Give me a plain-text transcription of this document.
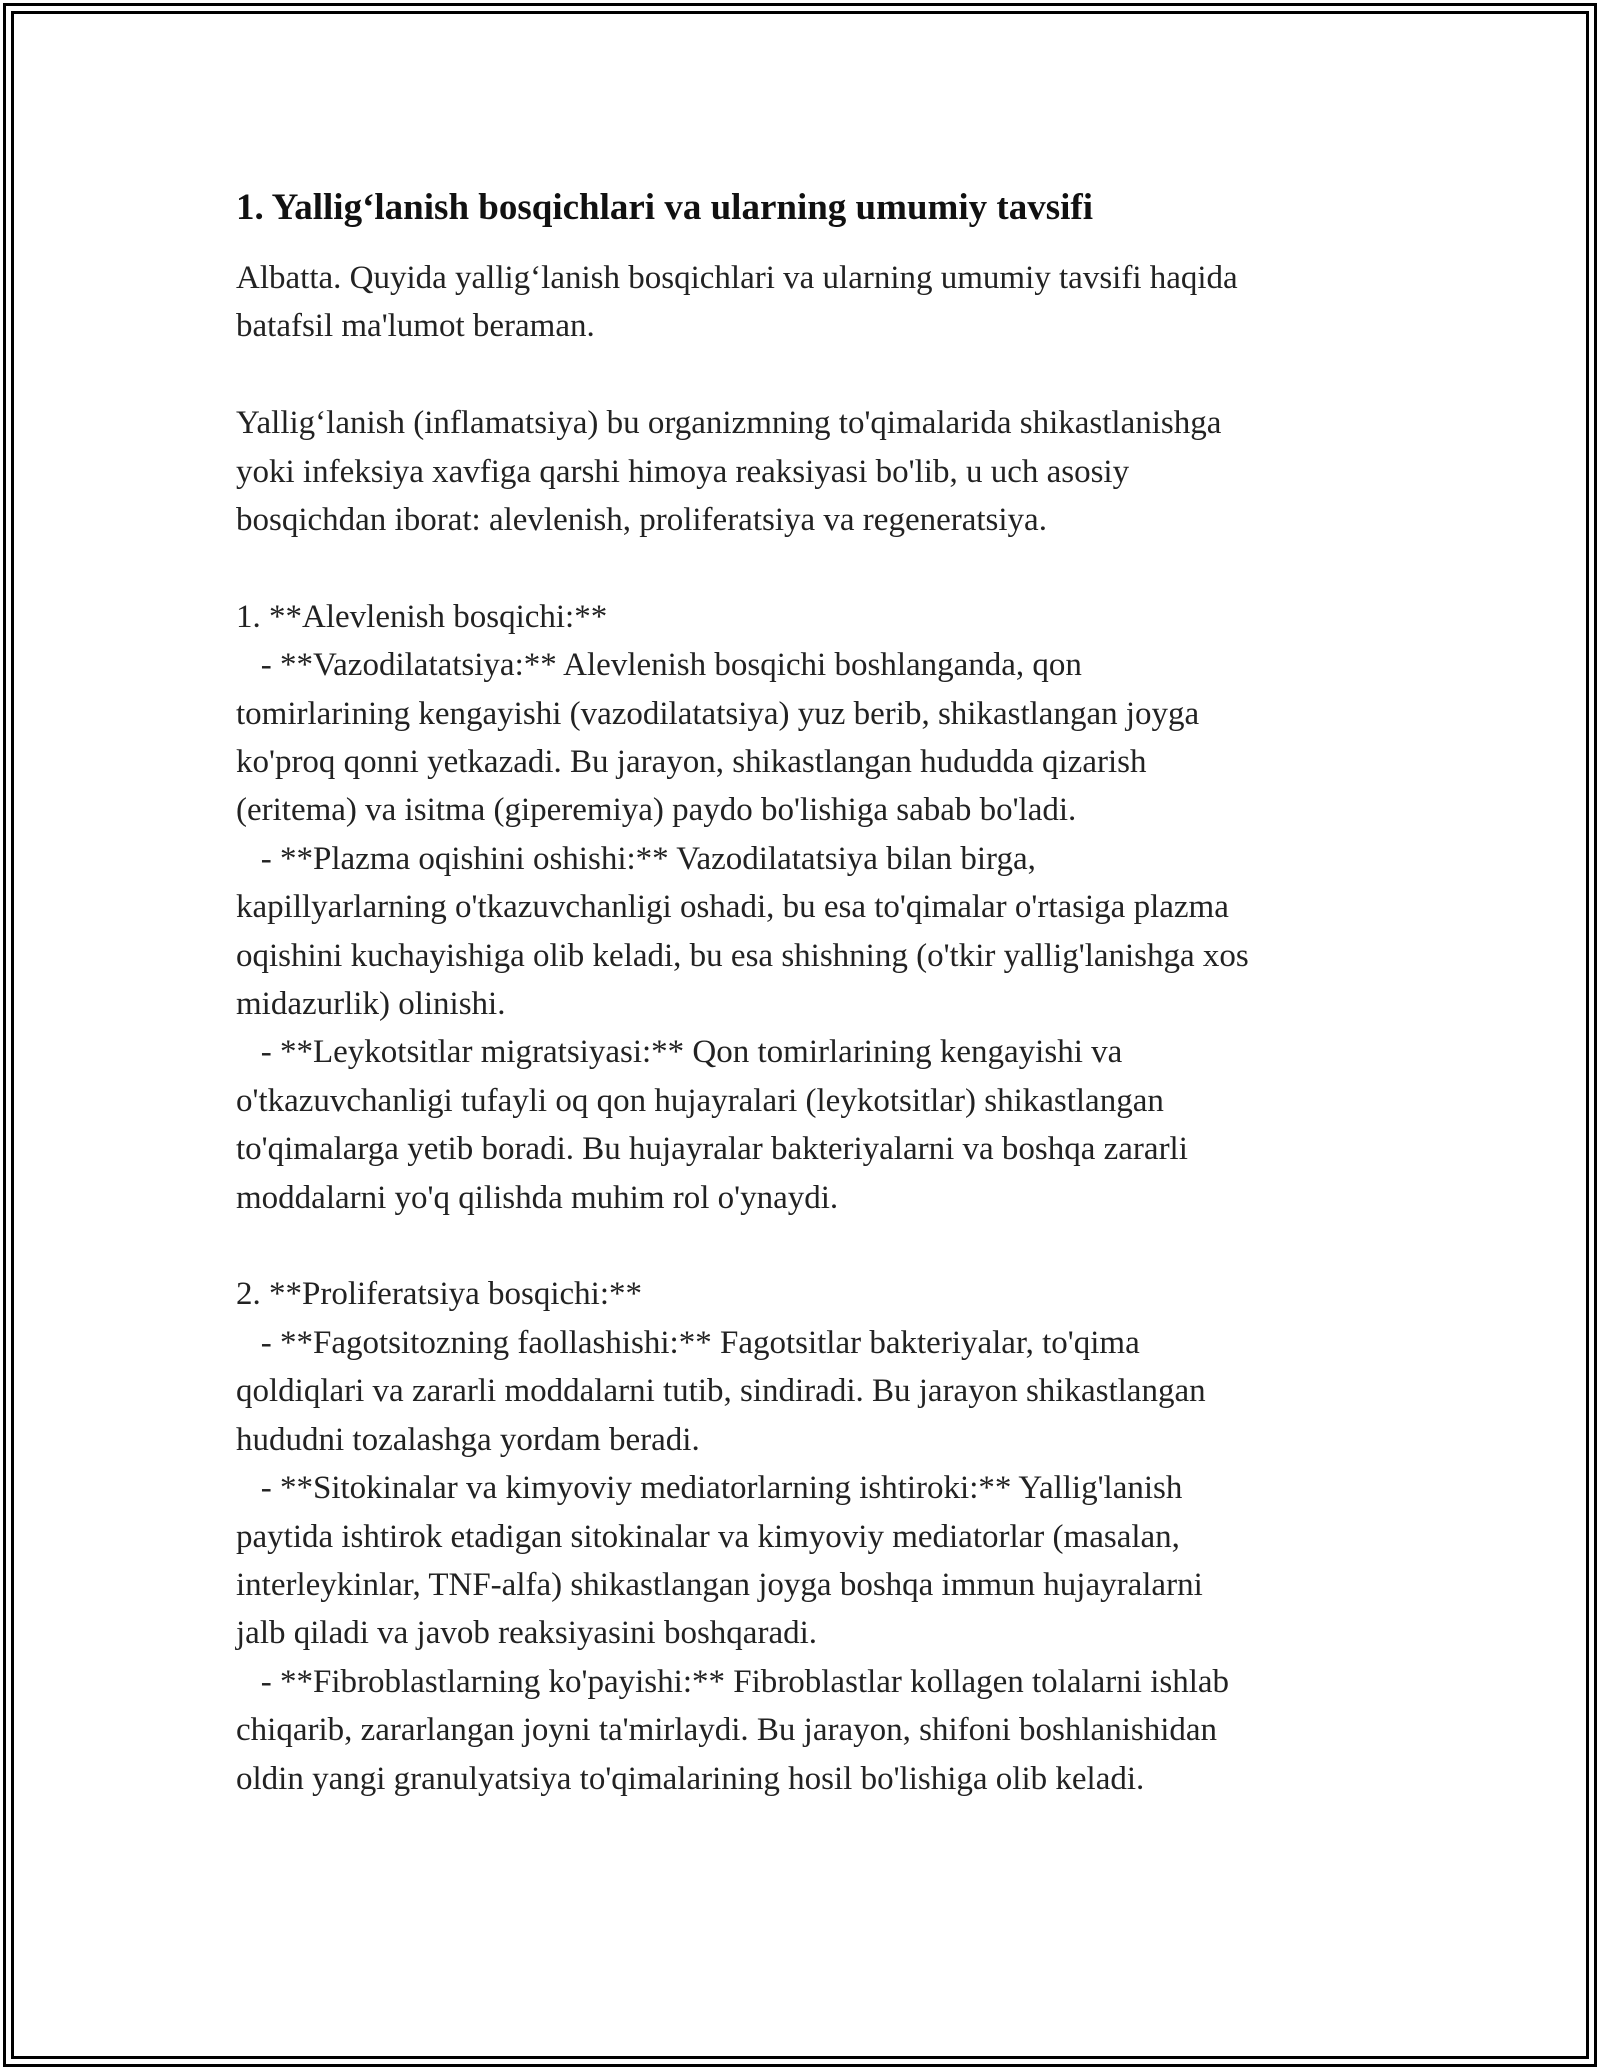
1. Yallig‘lanish bosqichlari va ularning umumiy tavsifi

Albatta. Quyida yallig‘lanish bosqichlari va ularning umumiy tavsifi haqida
batafsil ma'lumot beraman.

Yallig‘lanish (inflamatsiya) bu organizmning to'qimalarida shikastlanishga
yoki infeksiya xavfiga qarshi himoya reaksiyasi bo'lib, u uch asosiy
bosqichdan iborat: alevlenish, proliferatsiya va regeneratsiya.

1. **Alevlenish bosqichi:**
- **Vazodilatatsiya:** Alevlenish bosqichi boshlanganda, qon
tomirlarining kengayishi (vazodilatatsiya) yuz berib, shikastlangan joyga
ko'proq qonni yetkazadi. Bu jarayon, shikastlangan hududda qizarish
(eritema) va isitma (giperemiya) paydo bo'lishiga sabab bo'ladi.
- **Plazma oqishini oshishi:** Vazodilatatsiya bilan birga,
kapillyarlarning o'tkazuvchanligi oshadi, bu esa to'qimalar o'rtasiga plazma
oqishini kuchayishiga olib keladi, bu esa shishning (o'tkir yallig'lanishga xos
midazurlik) olinishi.
- **Leykotsitlar migratsiyasi:** Qon tomirlarining kengayishi va
o'tkazuvchanligi tufayli oq qon hujayralari (leykotsitlar) shikastlangan
to'qimalarga yetib boradi. Bu hujayralar bakteriyalarni va boshqa zararli
moddalarni yo'q qilishda muhim rol o'ynaydi.

2. **Proliferatsiya bosqichi:**
- **Fagotsitozning faollashishi:** Fagotsitlar bakteriyalar, to'qima
qoldiqlari va zararli moddalarni tutib, sindiradi. Bu jarayon shikastlangan
hududni tozalashga yordam beradi.
- **Sitokinalar va kimyoviy mediatorlarning ishtiroki:** Yallig'lanish
paytida ishtirok etadigan sitokinalar va kimyoviy mediatorlar (masalan,
interleykinlar, TNF-alfa) shikastlangan joyga boshqa immun hujayralarni
jalb qiladi va javob reaksiyasini boshqaradi.
- **Fibroblastlarning ko'payishi:** Fibroblastlar kollagen tolalarni ishlab
chiqarib, zararlangan joyni ta'mirlaydi. Bu jarayon, shifoni boshlanishidan
oldin yangi granulyatsiya to'qimalarining hosil bo'lishiga olib keladi.
